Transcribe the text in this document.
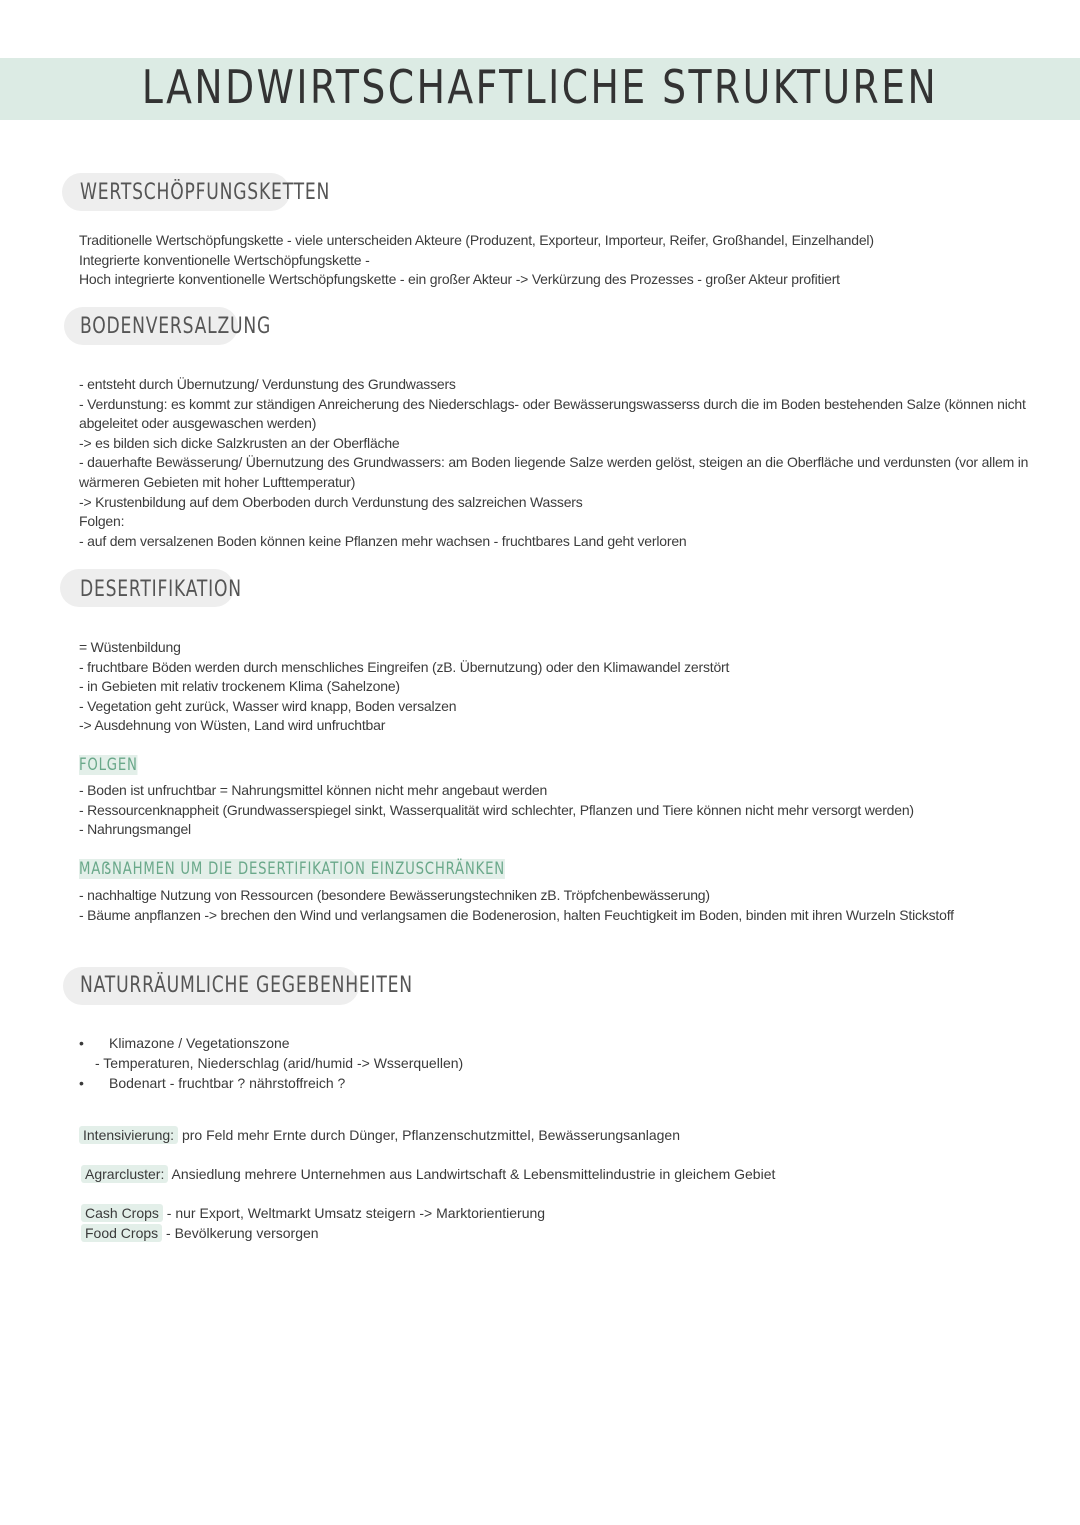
LANDWIRTSCHAFTLICHE STRUKTUREN
WERTSCHÖPFUNGSKETTEN

Traditionelle Wertschöpfungskette - viele unterscheiden Akteure (Produzent, Exporteur, Importeur, Reifer, Großhandel, Einzelhandel)

Integrierte konventionelle Wertschöpfungskette -

Hoch integrierte konventionelle Wertschöpfungskette - ein großer Akteur -> Verkürzung des Prozesses - großer Akteur profitiert

BODENVERSALZUNG

- entsteht durch Übernutzung/ Verdunstung des Grundwassers

- Verdunstung: es kommt zur ständigen Anreicherung des Niederschlags- oder Bewässerungswasserss durch die im Boden bestehenden Salze (können nicht abgeleitet oder ausgewaschen werden)

-> es bilden sich dicke Salzkrusten an der Oberfläche

- dauerhafte Bewässerung/ Übernutzung des Grundwassers: am Boden liegende Salze werden gelöst, steigen an die Oberfläche und verdunsten (vor allem in wärmeren Gebieten mit hoher Lufttemperatur)

-> Krustenbildung auf dem Oberboden durch Verdunstung des salzreichen Wassers

Folgen:

- auf dem versalzenen Boden können keine Pflanzen mehr wachsen - fruchtbares Land geht verloren

DESERTIFIKATION

= Wüstenbildung

- fruchtbare Böden werden durch menschliches Eingreifen (zB. Übernutzung) oder den Klimawandel zerstört

- in Gebieten mit relativ trockenem Klima (Sahelzone)

- Vegetation geht zurück, Wasser wird knapp, Boden versalzen

-> Ausdehnung von Wüsten, Land wird unfruchtbar

FOLGEN

- Boden ist unfruchtbar = Nahrungsmittel können nicht mehr angebaut werden

- Ressourcenknappheit (Grundwasserspiegel sinkt, Wasserqualität wird schlechter, Pflanzen und Tiere können nicht mehr versorgt werden)

- Nahrungsmangel

MAẞNAHMEN UM DIE DESERTIFIKATION EINZUSCHRÄNKEN

- nachhaltige Nutzung von Ressourcen (besondere Bewässerungstechniken zB. Tröpfchenbewässerung)

- Bäume anpflanzen -> brechen den Wind und verlangsamen die Bodenerosion, halten Feuchtigkeit im Boden, binden mit ihren Wurzeln Stickstoff

NATURRÄUMLICHE GEGEBENHEITEN
• Klimazone / Vegetationszone
- Temperaturen, Niederschlag (arid/humid -> Wsserquellen)
• Bodenart - fruchtbar ? nährstoffreich ?
Intensivierung: pro Feld mehr Ernte durch Dünger, Pflanzenschutzmittel, Bewässerungsanlagen
Agrarcluster: Ansiedlung mehrere Unternehmen aus Landwirtschaft & Lebensmittelindustrie in gleichem Gebiet
Cash Crops - nur Export, Weltmarkt Umsatz steigern -> Marktorientierung
Food Crops - Bevölkerung versorgen
